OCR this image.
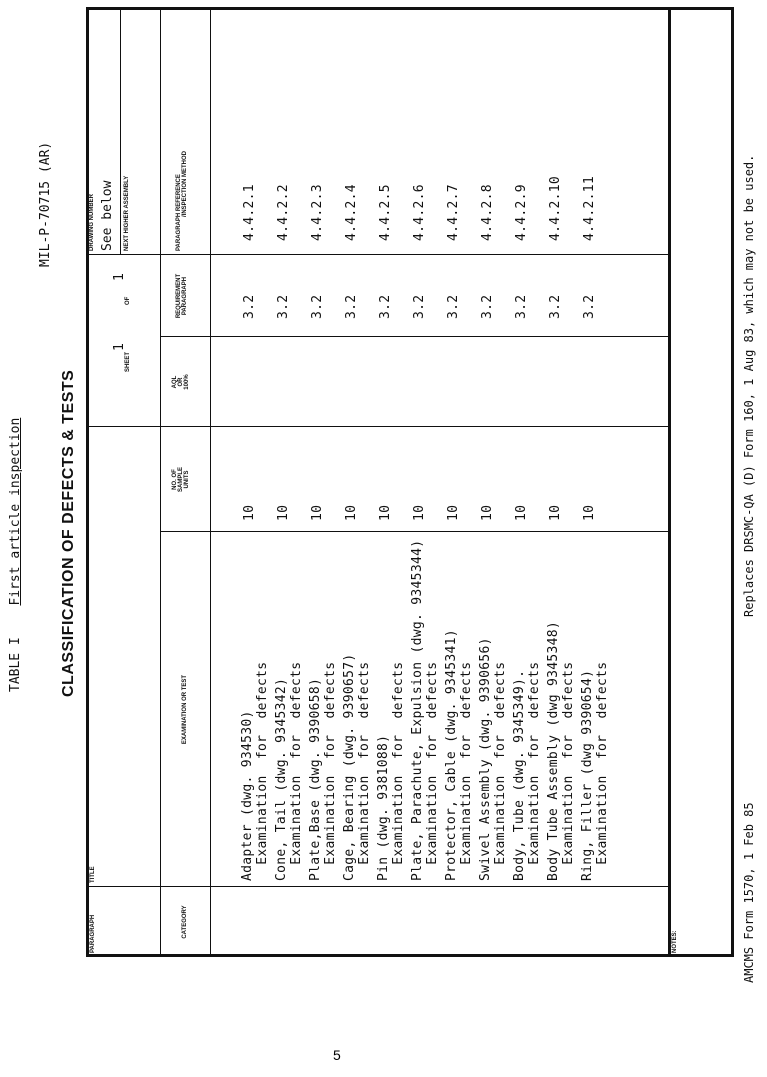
TABLE I  First article inspection
MIL-P-70715 (AR)
CLASSIFICATION OF DEFECTS & TESTS
PARAGRAPH
TITLE
SHEET
1
OF
1
DRAWING NUMBER See below NEXT HIGHER ASSEMBLY
CATEGORY
EXAMINATION OR TEST
NO. OF SAMPLE UNITS
AQL OR 100%
REQUIREMENT PARAGRAPH
PARAGRAPH REFERENCE /INSPECTION METHOD
Adapter (dwg. 934530) Examination  for  defects
10
3.2
4.4.2.1
Cone, Tail (dwg. 9345342) Examination  for  defects
10
3.2
4.4.2.2
Plate,Base (dwg. 9390658) Examination  for  defects
10
3.2
4.4.2.3
Cage, Bearing (dwg. 9390657) Examination  for  defects
10
3.2
4.4.2.4
Pin (dwg. 9381088) Examination  for  defects
10
3.2
4.4.2.5
Plate, Parachute, Expulsion (dwg. 9345344) Examination  for  defects
10
3.2
4.4.2.6
Protector, Cable (dwg. 9345341) Examination  for  defects
10
3.2
4.4.2.7
Swivel Assembly (dwg. 9390656) Examination  for  defects
10
3.2
4.4.2.8
Body, Tube (dwg. 9345349). Examination  for  defects
10
3.2
4.4.2.9
Body Tube Assembly (dwg 9345348) Examination  for  defects
10
3.2
4.4.2.10
Ring, Filler (dwg 9390654) Examination  for  defects
10
3.2
4.4.2.11
NOTES:	AMCMS Form 1570, 1 Feb 85
Replaces DRSMC-QA (D) Form 160, 1 Aug 83, which may not be used.
5
